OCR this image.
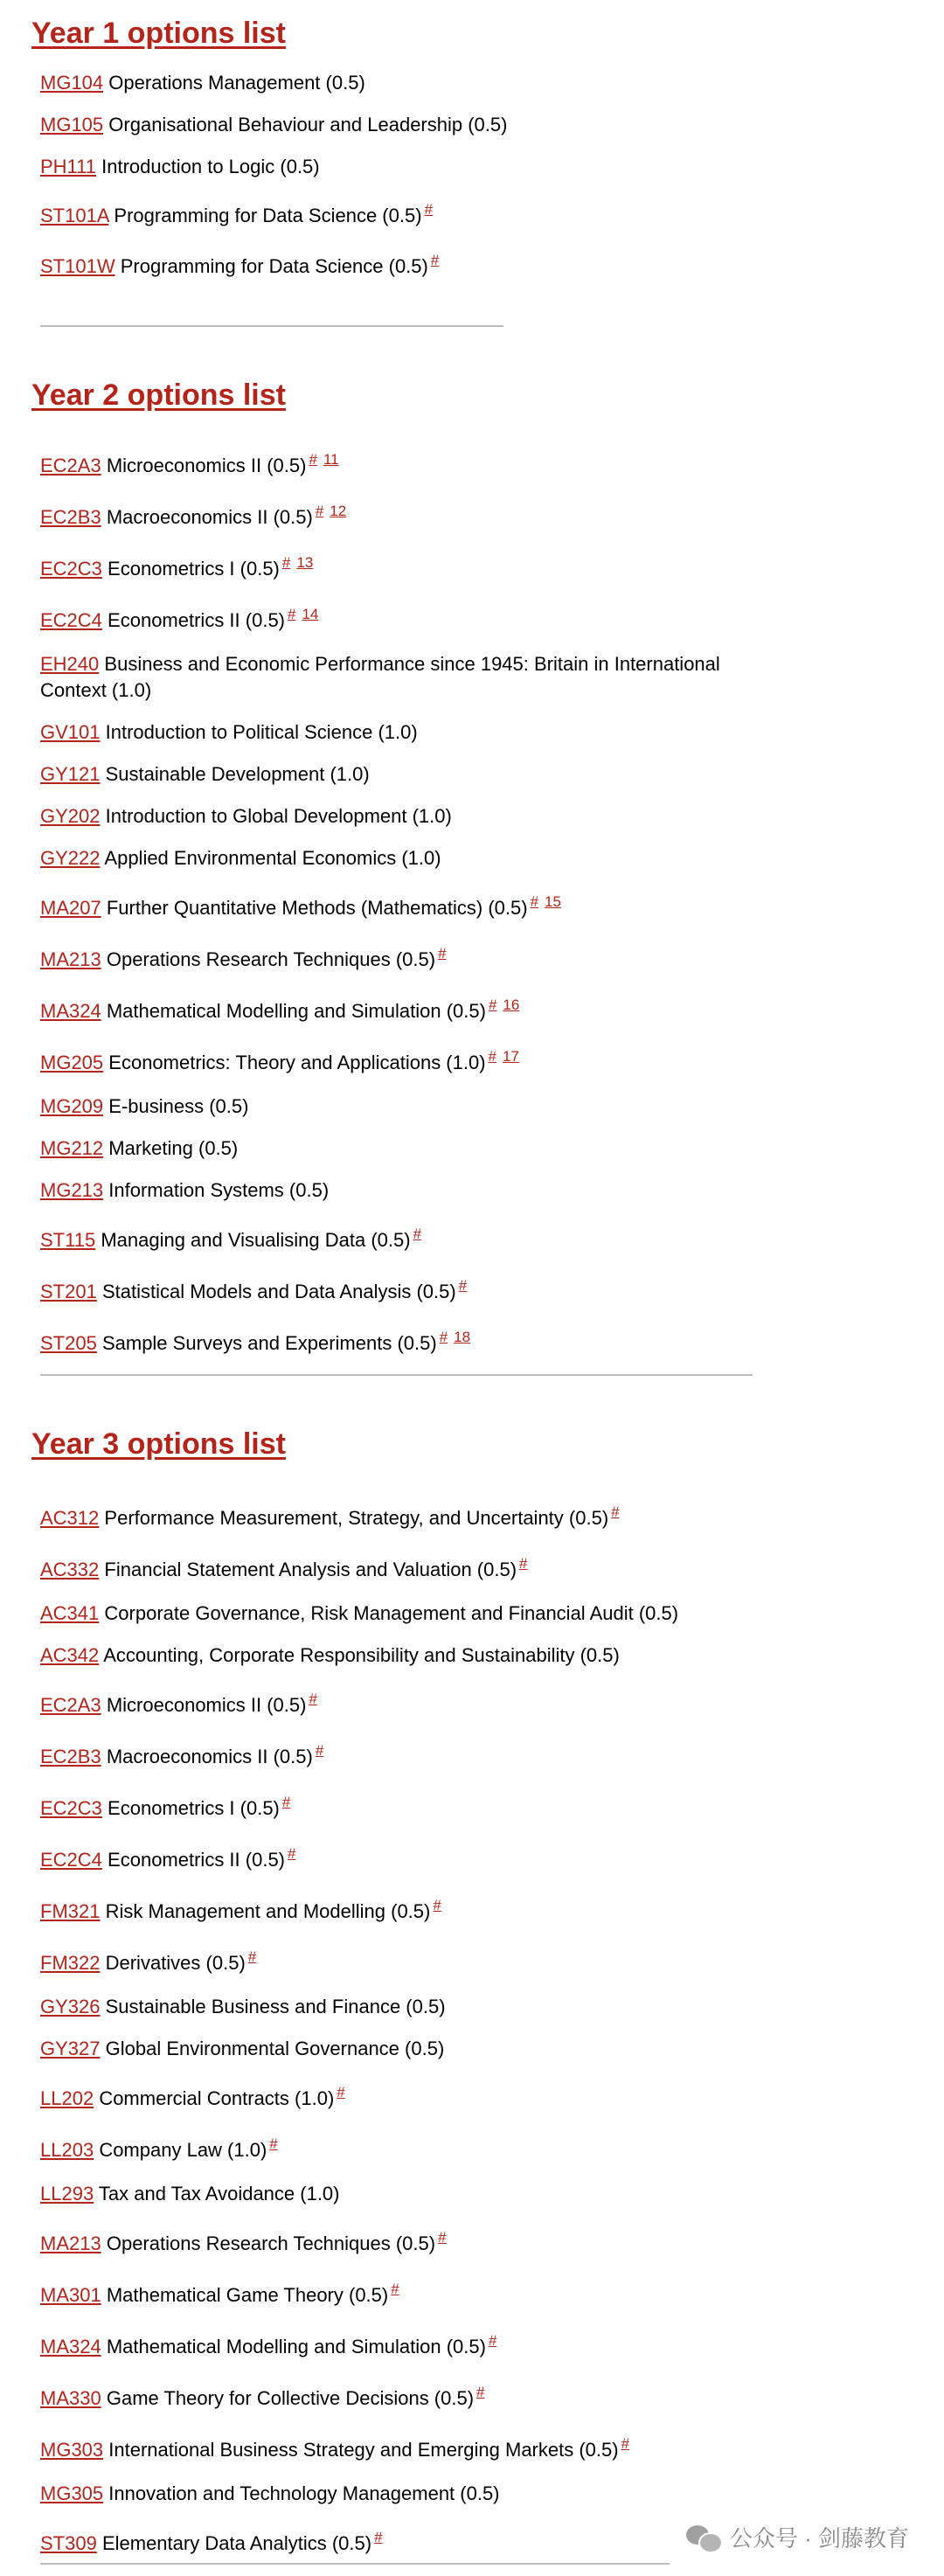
Year 1 options list
MG104 Operations Management (0.5)
MG105 Organisational Behaviour and Leadership (0.5)
PH111 Introduction to Logic (0.5)
ST101A Programming for Data Science (0.5) #
ST101W Programming for Data Science (0.5) #
Year 2 options list
EC2A3 Microeconomics II (0.5) # $^{11}$
EC2B3 Macroeconomics II (0.5) # $^{12}$
EC2C3 Econometrics I (0.5) # $^{13}$
EC2C4 Econometrics II (0.5) # $^{14}$
EH240 Business and Economic Performance since 1945: Britain in International Context (1.0)
GV101 Introduction to Political Science (1.0)
GY121 Sustainable Development (1.0)
GY202 Introduction to Global Development (1.0)
GY222 Applied Environmental Economics (1.0)
MA207 Further Quantitative Methods (Mathematics) (0.5) # $^{15}$
MA213 Operations Research Techniques (0.5) #
MA324 Mathematical Modelling and Simulation (0.5) # $^{16}$
MG205 Econometrics: Theory and Applications (1.0) # $^{17}$
MG209 E-business (0.5)
MG212 Marketing (0.5)
MG213 Information Systems (0.5)
ST115 Managing and Visualising Data (0.5) #
ST201 Statistical Models and Data Analysis (0.5) #
ST205 Sample Surveys and Experiments (0.5) # $^{18}$
Year 3 options list
AC312 Performance Measurement, Strategy, and Uncertainty (0.5) #
AC332 Financial Statement Analysis and Valuation (0.5) #
AC341 Corporate Governance, Risk Management and Financial Audit (0.5)
AC342 Accounting, Corporate Responsibility and Sustainability (0.5)
EC2A3 Microeconomics II (0.5) #
EC2B3 Macroeconomics II (0.5) #
EC2C3 Econometrics I (0.5) #
EC2C4 Econometrics II (0.5) #
FM321 Risk Management and Modelling (0.5) #
FM322 Derivatives (0.5) #
GY326 Sustainable Business and Finance (0.5)
GY327 Global Environmental Governance (0.5)
LL202 Commercial Contracts (1.0) #
LL203 Company Law (1.0) #
LL293 Tax and Tax Avoidance (1.0)
MA213 Operations Research Techniques (0.5) #
MA301 Mathematical Game Theory (0.5) #
MA324 Mathematical Modelling and Simulation (0.5) #
MA330 Game Theory for Collective Decisions (0.5) #
MG303 International Business Strategy and Emerging Markets (0.5) #
MG305 Innovation and Technology Management (0.5)
ST309 Elementary Data Analytics (0.5) #	公众号 · 剑藤教育
